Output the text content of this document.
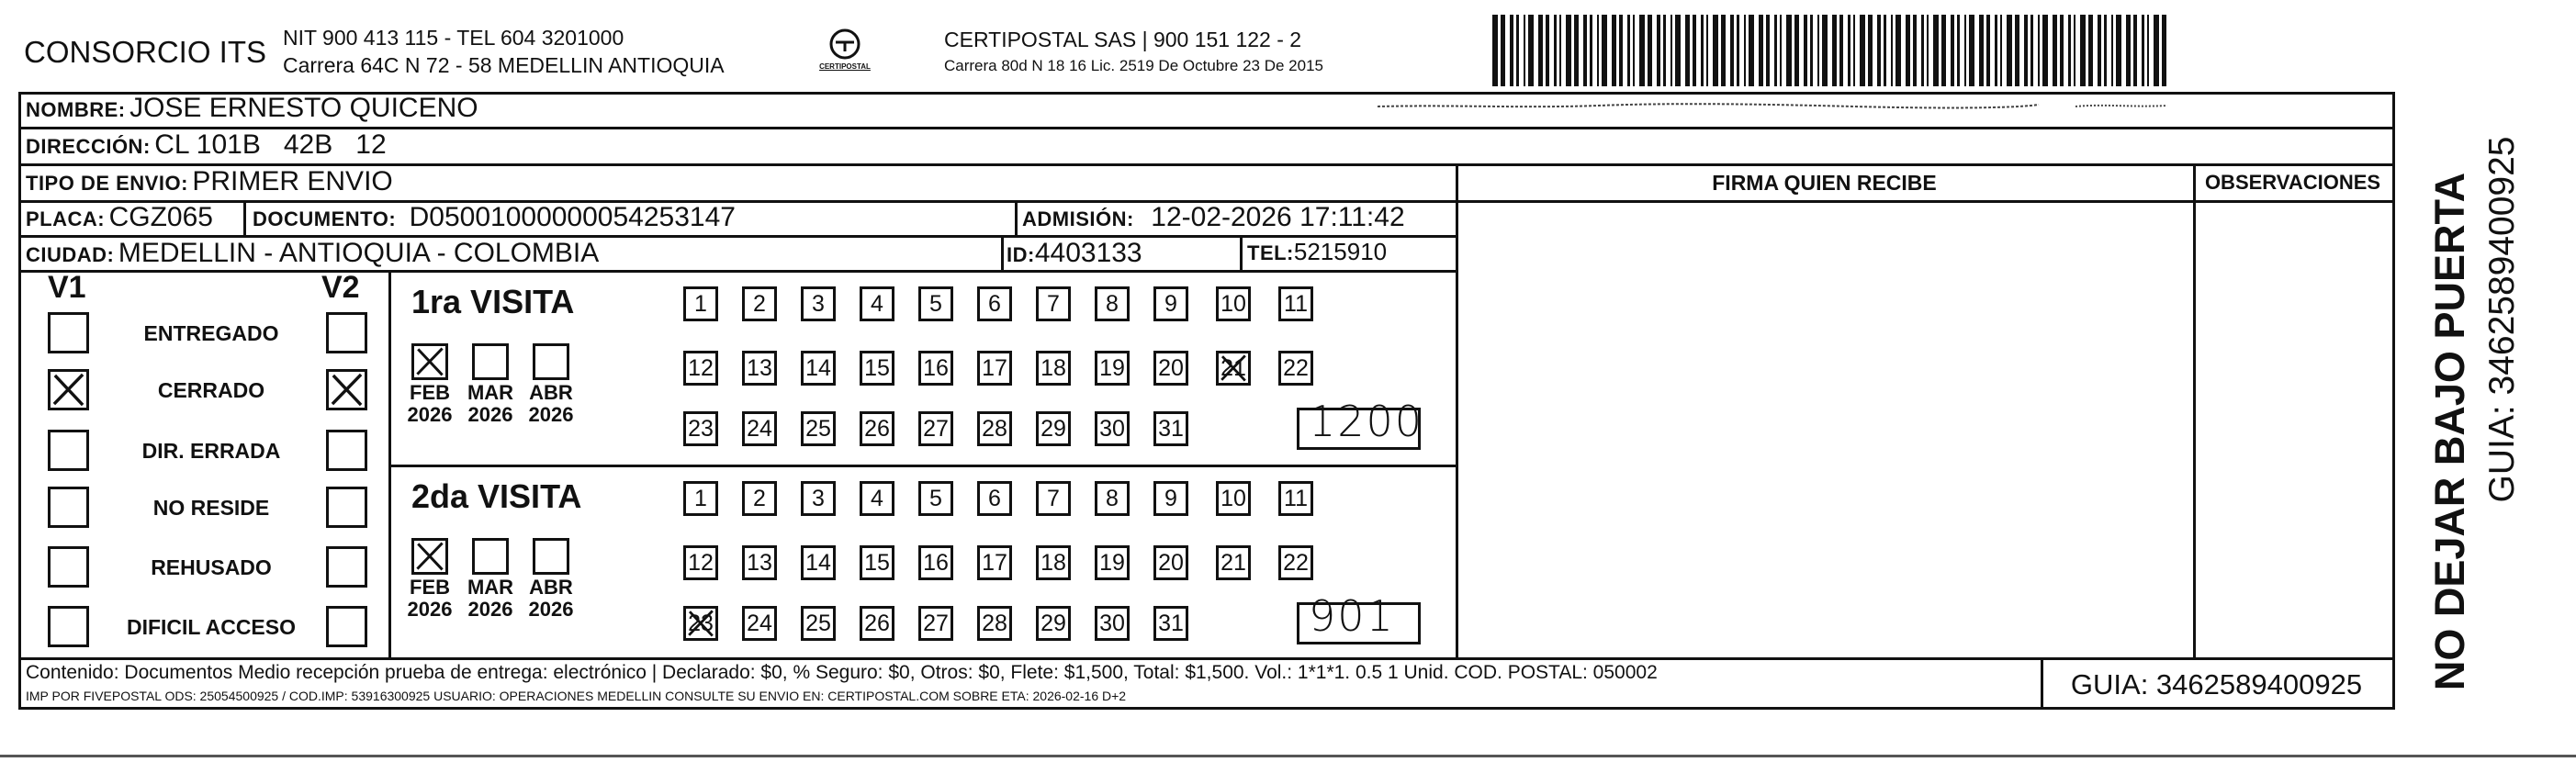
CONSORCIO ITS NIT 900 413 115 - TEL 604 3201000
Carrera 64C N 72 - 58 MEDELLIN ANTIOQUIA	CERTIPOSTAL
CERTIPOSTAL SAS | 900 151 122 - 2
Carrera 80d N 18 16 Lic. 2519 De Octubre 23 De 2015
NOMBRE: JOSE ERNESTO QUICENO
DIRECCIÓN: CL 101B   42B   12
TIPO DE ENVIO: PRIMER ENVIO	FIRMA QUIEN RECIBE	OBSERVACIONES
PLACA: CGZ065 DOCUMENTO: D05001000000054253147	ADMISIÓN: 12-02-2026 17:11:42
CIUDAD: MEDELLIN - ANTIOQUIA - COLOMBIA	ID:4403133	TEL:5215910
V1	V2
ENTREGADO
CERRADO
DIR. ERRADA
NO RESIDE
REHUSADO
DIFICIL ACCESO
1ra VISITA
FEB
2026
MAR
2026
ABR
2026
1	2	3	4	5	6	7	8	9	10 11
12 13 14 15 16 17 18 19 20 21 22
23 24 25 26 27 28 29 30 31	1200
2da VISITA
FEB
2026
MAR
2026
ABR
2026
1	2	3	4	5	6	7	8	9	10 11
12 13 14 15 16 17 18 19 20 21 22
23 24 25 26 27 28 29 30 31	901
Contenido: Documentos Medio recepción prueba de entrega: electrónico | Declarado: $0, % Seguro: $0, Otros: $0, Flete: $1,500, Total: $1,500. Vol.: 1*1*1. 0.5 1 Unid. COD. POSTAL: 050002
IMP POR FIVEPOSTAL ODS: 25054500925 / COD.IMP: 53916300925 USUARIO: OPERACIONES MEDELLIN CONSULTE SU ENVIO EN: CERTIPOSTAL.COM SOBRE ETA: 2026-02-16 D+2	GUIA: 3462589400925	NO DEJAR BAJO PUERTA GUIA: 3462589400925
